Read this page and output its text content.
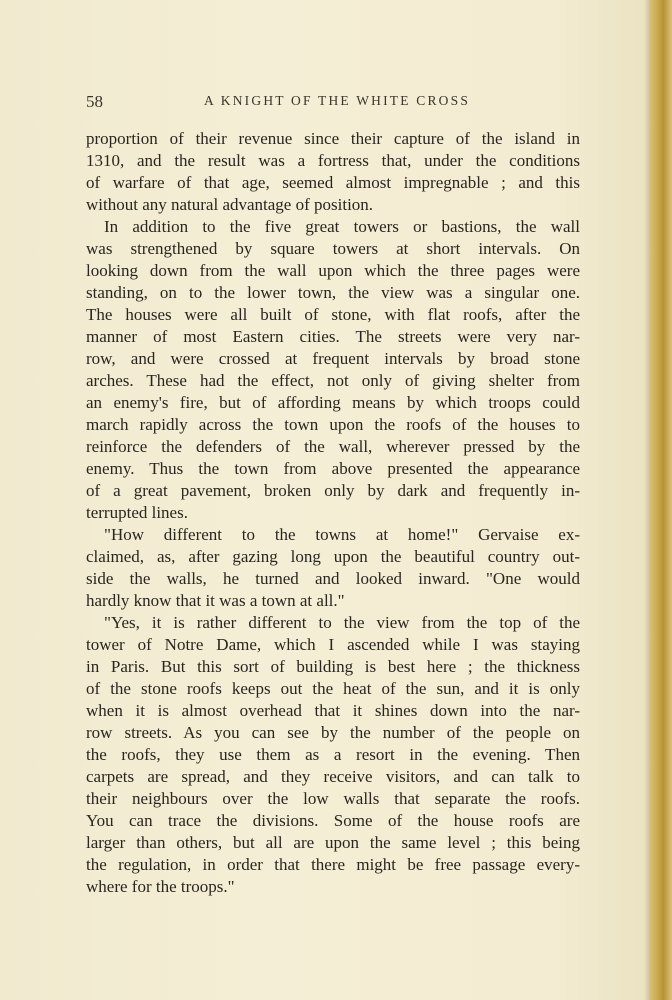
58	A KNIGHT OF THE WHITE CROSS
proportion of their revenue since their capture of the island in
1310, and the result was a fortress that, under the conditions
of warfare of that age, seemed almost impregnable ; and this
without any natural advantage of position.
In addition to the five great towers or bastions, the wall
was strengthened by square towers at short intervals. On
looking down from the wall upon which the three pages were
standing, on to the lower town, the view was a singular one.
The houses were all built of stone, with flat roofs, after the
manner of most Eastern cities. The streets were very nar-
row, and were crossed at frequent intervals by broad stone
arches. These had the effect, not only of giving shelter from
an enemy's fire, but of affording means by which troops could
march rapidly across the town upon the roofs of the houses to
reinforce the defenders of the wall, wherever pressed by the
enemy. Thus the town from above presented the appearance
of a great pavement, broken only by dark and frequently in-
terrupted lines.
"How different to the towns at home!" Gervaise ex-
claimed, as, after gazing long upon the beautiful country out-
side the walls, he turned and looked inward. "One would
hardly know that it was a town at all."
"Yes, it is rather different to the view from the top of the
tower of Notre Dame, which I ascended while I was staying
in Paris. But this sort of building is best here ; the thickness
of the stone roofs keeps out the heat of the sun, and it is only
when it is almost overhead that it shines down into the nar-
row streets. As you can see by the number of the people on
the roofs, they use them as a resort in the evening. Then
carpets are spread, and they receive visitors, and can talk to
their neighbours over the low walls that separate the roofs.
You can trace the divisions. Some of the house roofs are
larger than others, but all are upon the same level ; this being
the regulation, in order that there might be free passage every-
where for the troops."
